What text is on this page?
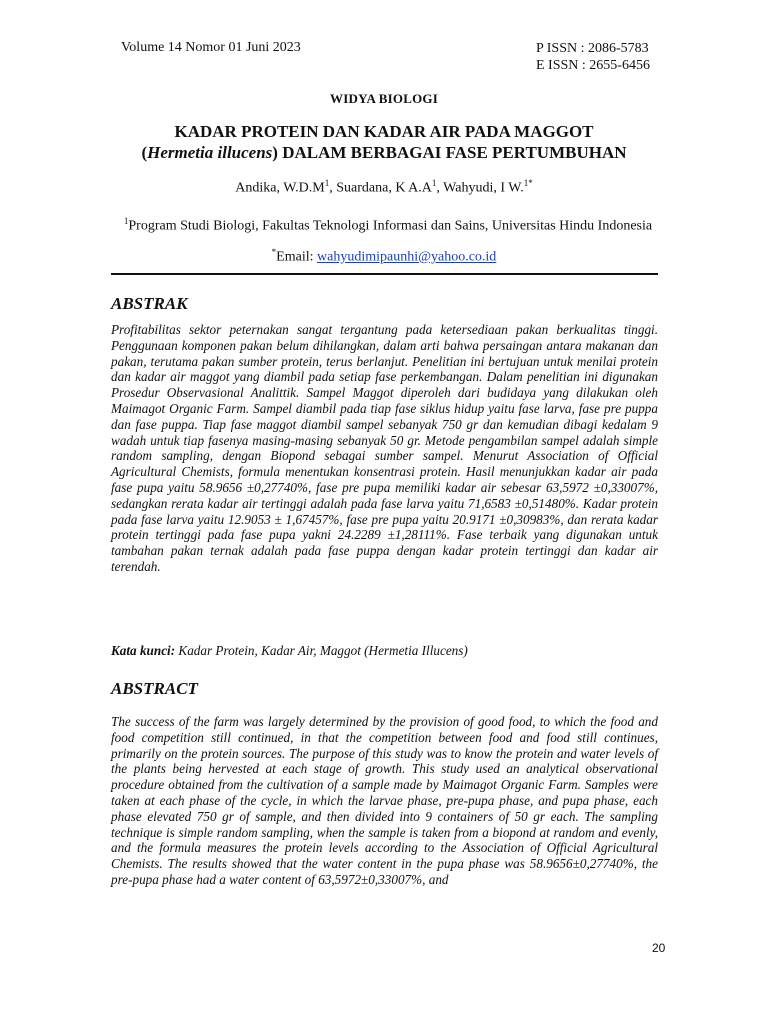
Volume 14 Nomor 01 Juni 2023	P ISSN : 2086-5783
E ISSN : 2655-6456
WIDYA BIOLOGI
KADAR PROTEIN DAN KADAR AIR PADA MAGGOT
(Hermetia illucens) DALAM BERBAGAI FASE PERTUMBUHAN
Andika, $W.D.M^1$, Suardana, K $A.A^1$, Wahyudi, I W.$^{1*}$
$^1$Program Studi Biologi, Fakultas Teknologi Informasi dan Sains, Universitas Hindu Indonesia
*Email: wahyudimipaunhi@yahoo.co.id
ABSTRAK
Profitabilitas sektor peternakan sangat tergantung pada ketersediaan pakan berkualitas tinggi. Penggunaan komponen pakan belum dihilangkan, dalam arti bahwa persaingan antara makanan dan pakan, terutama pakan sumber protein, terus berlanjut. Penelitian ini bertujuan untuk menilai protein dan kadar air maggot yang diambil pada setiap fase perkembangan. Dalam penelitian ini digunakan Prosedur Observasional Analittik. Sampel Maggot diperoleh dari budidaya yang dilakukan oleh Maimagot Organic Farm. Sampel diambil pada tiap fase siklus hidup yaitu fase larva, fase pre puppa dan fase puppa. Tiap fase maggot diambil sampel sebanyak 750 gr dan kemudian dibagi kedalam 9 wadah untuk tiap fasenya masing-masing sebanyak 50 gr. Metode pengambilan sampel adalah simple random sampling, dengan Biopond sebagai sumber sampel. Menurut Association of Official Agricultural Chemists, formula menentukan konsentrasi protein. Hasil menunjukkan kadar air pada fase pupa yaitu 58.9656 ±0,27740%, fase pre pupa memiliki kadar air sebesar 63,5972 ±0,33007%, sedangkan rerata kadar air tertinggi adalah pada fase larva yaitu 71,6583 ±0,51480%. Kadar protein pada fase larva yaitu 12.9053 ± 1,67457%, fase pre pupa yaitu 20.9171 ±0,30983%, dan rerata kadar protein tertinggi pada fase pupa yakni 24.2289 ±1,28111%. Fase terbaik yang digunakan untuk tambahan pakan ternak adalah pada fase puppa dengan kadar protein tertinggi dan kadar air terendah.
Kata kunci: Kadar Protein, Kadar Air, Maggot (Hermetia Illucens)
ABSTRACT
The success of the farm was largely determined by the provision of good food, to which the food and food competition still continued, in that the competition between food and food still continues, primarily on the protein sources. The purpose of this study was to know the protein and water levels of the plants being hervested at each stage of growth. This study used an analytical observational procedure obtained from the cultivation of a sample made by Maimagot Organic Farm. Samples were taken at each phase of the cycle, in which the larvae phase, pre-pupa phase, and pupa phase, each phase elevated 750 gr of sample, and then divided into 9 containers of 50 gr each. The sampling technique is simple random sampling, when the sample is taken from a biopond at random and evenly, and the formula measures the protein levels according to the Association of Official Agricultural Chemists. The results showed that the water content in the pupa phase was 58.9656±0,27740%, the pre-pupa phase had a water content of 63,5972±0,33007%, and
20
